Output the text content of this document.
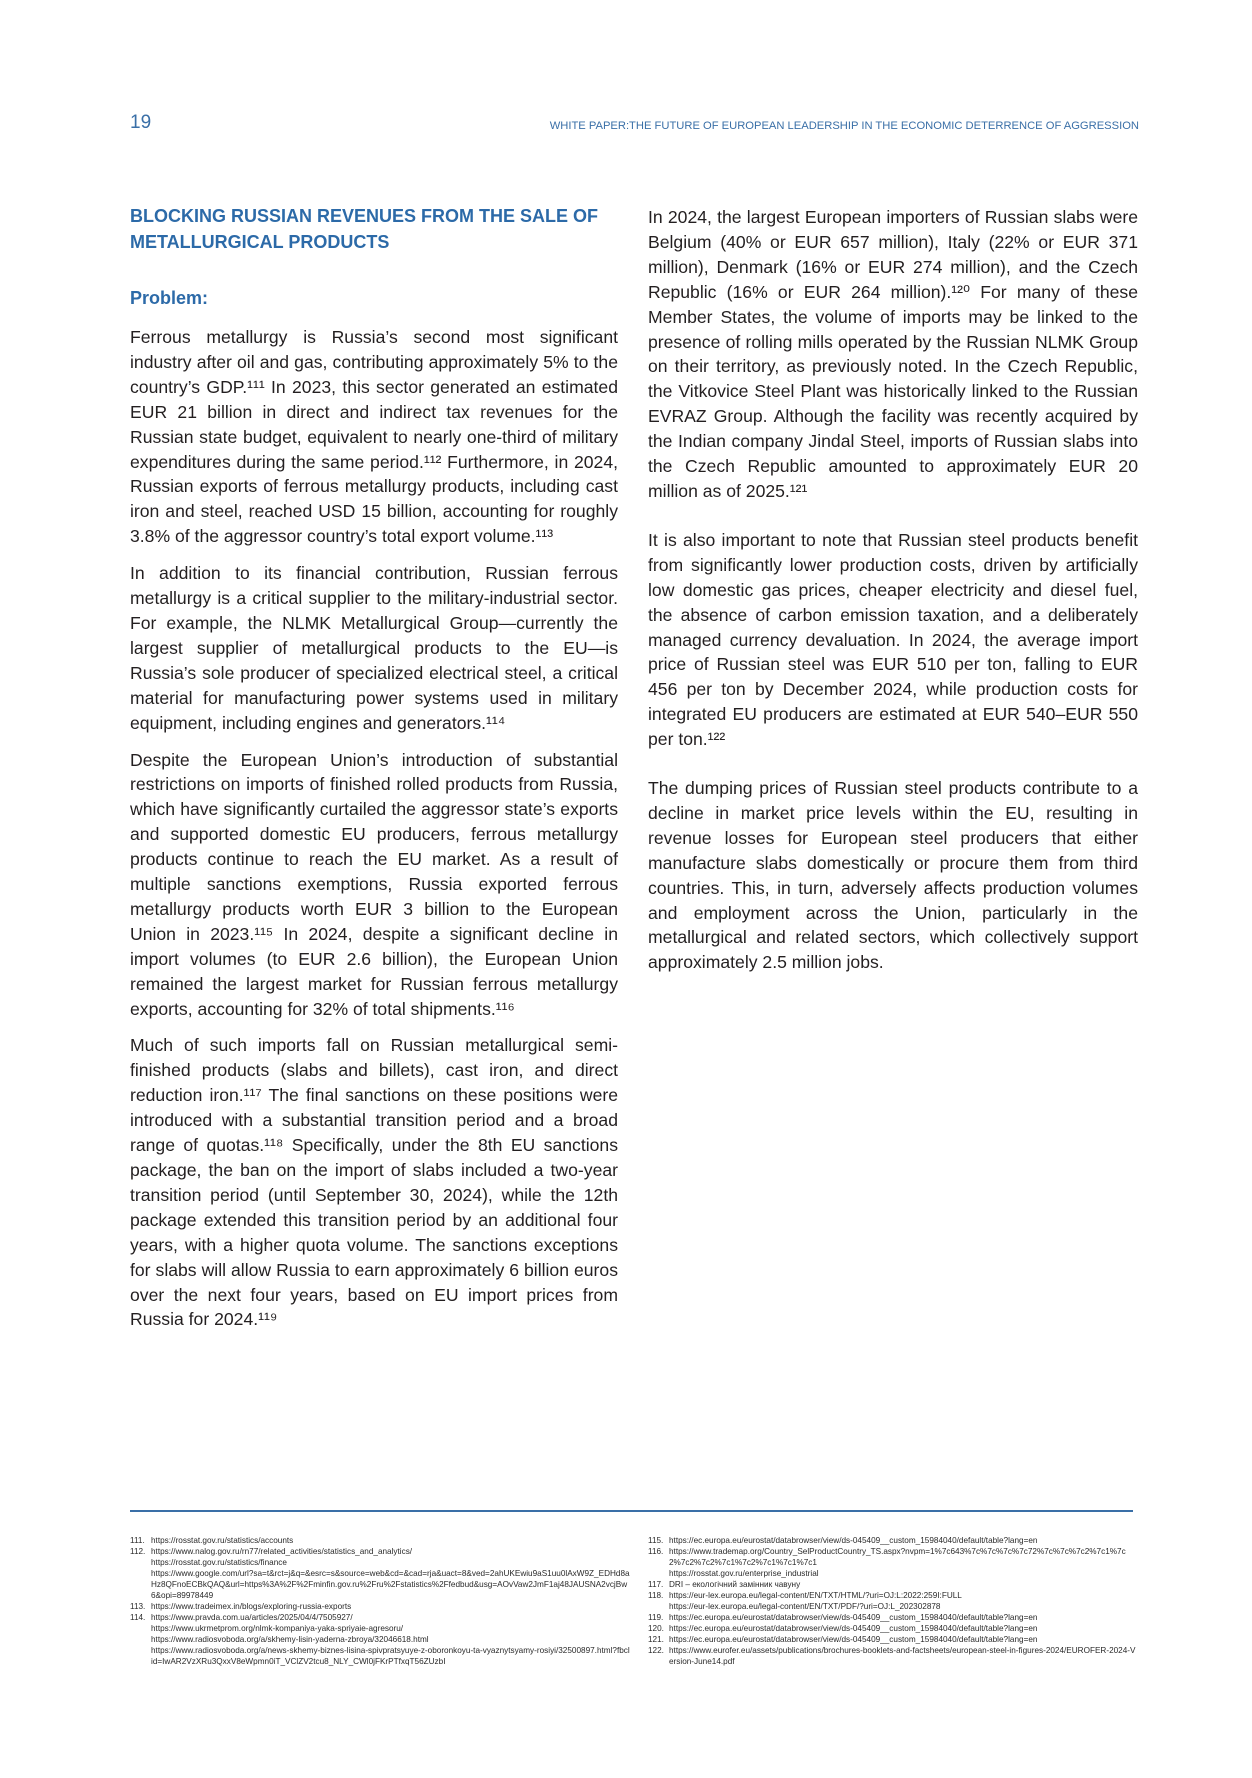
19	WHITE PAPER:THE FUTURE OF EUROPEAN LEADERSHIP IN THE ECONOMIC DETERRENCE OF AGGRESSION
BLOCKING RUSSIAN REVENUES FROM THE SALE OF METALLURGICAL PRODUCTS
Problem:

Ferrous metallurgy is Russia’s second most significant industry after oil and gas, contributing approximately 5% to the country’s GDP.¹¹¹ In 2023, this sector generated an estimated EUR 21 billion in direct and indirect tax revenues for the Russian state budget, equivalent to nearly one-third of military expenditures during the same period.¹¹² Furthermore, in 2024, Russian exports of ferrous metallurgy products, including cast iron and steel, reached USD 15 billion, accounting for roughly 3.8% of the aggressor country’s total export volume.¹¹³

In addition to its financial contribution, Russian ferrous metallurgy is a critical supplier to the military-industrial sector. For example, the NLMK Metallurgical Group—currently the largest supplier of metallurgical products to the EU—is Russia’s sole producer of specialized electrical steel, a critical material for manufacturing power systems used in military equipment, including engines and generators.¹¹⁴

Despite the European Union’s introduction of substantial restrictions on imports of finished rolled products from Russia, which have significantly curtailed the aggressor state’s exports and supported domestic EU producers, ferrous metallurgy products continue to reach the EU market. As a result of multiple sanctions exemptions, Russia exported ferrous metallurgy products worth EUR 3 billion to the European Union in 2023.¹¹⁵ In 2024, despite a significant decline in import volumes (to EUR 2.6 billion), the European Union remained the largest market for Russian ferrous metallurgy exports, accounting for 32% of total shipments.¹¹⁶

Much of such imports fall on Russian metallurgical semi-finished products (slabs and billets), cast iron, and direct reduction iron.¹¹⁷ The final sanctions on these positions were introduced with a substantial transition period and a broad range of quotas.¹¹⁸ Specifically, under the 8th EU sanctions package, the ban on the import of slabs included a two-year transition period (until September 30, 2024), while the 12th package extended this transition period by an additional four years, with a higher quota volume. The sanctions exceptions for slabs will allow Russia to earn approximately 6 billion euros over the next four years, based on EU import prices from Russia for 2024.¹¹⁹

In 2024, the largest European importers of Russian slabs were Belgium (40% or EUR 657 million), Italy (22% or EUR 371 million), Denmark (16% or EUR 274 million), and the Czech Republic (16% or EUR 264 million).¹²⁰ For many of these Member States, the volume of imports may be linked to the presence of rolling mills operated by the Russian NLMK Group on their territory, as previously noted. In the Czech Republic, the Vitkovice Steel Plant was historically linked to the Russian EVRAZ Group. Although the facility was recently acquired by the Indian company Jindal Steel, imports of Russian slabs into the Czech Republic amounted to approximately EUR 20 million as of 2025.¹²¹

It is also important to note that Russian steel products benefit from significantly lower production costs, driven by artificially low domestic gas prices, cheaper electricity and diesel fuel, the absence of carbon emission taxation, and a deliberately managed currency devaluation. In 2024, the average import price of Russian steel was EUR 510 per ton, falling to EUR 456 per ton by December 2024, while production costs for integrated EU producers are estimated at EUR 540–EUR 550 per ton.¹²²

The dumping prices of Russian steel products contribute to a decline in market price levels within the EU, resulting in revenue losses for European steel producers that either manufacture slabs domestically or procure them from third countries. This, in turn, adversely affects production volumes and employment across the Union, particularly in the metallurgical and related sectors, which collectively support approximately 2.5 million jobs.

111. https://rosstat.gov.ru/statistics/accounts
112. https://www.nalog.gov.ru/rn77/related_activities/statistics_and_analytics/
https://rosstat.gov.ru/statistics/finance
https://www.google.com/url?sa=t&rct=j&q=&esrc=s&source=web&cd=&cad=rja&uact=8&ved=2ahUKEwiu9aS1uu0lAxW9Z_EDHd8aHz8QFnoECBkQAQ&url=https%3A%2F%2Fminfin.gov.ru%2Fru%2Fstatistics%2Ffedbud&usg=AOvVaw2JmF1aj48JAUSNA2vcjBw6&opi=89978449
113. https://www.tradeimex.in/blogs/exploring-russia-exports
114. https://www.pravda.com.ua/articles/2025/04/4/7505927/
https://www.ukrmetprom.org/nlmk-kompaniya-yaka-spriyaie-agresoru/
https://www.radiosvoboda.org/a/skhemy-lisin-yaderna-zbroya/32046618.html
https://www.radiosvoboda.org/a/news-skhemy-biznes-lisina-spivpratsyuye-z-oboronkoyu-ta-vyaznytsyamy-rosiyi/32500897.html?fbclid=IwAR2VzXRu3QxxV8eWpmn0iT_VClZV2tcu8_NLY_CWl0jFKrPTfxqT56ZUzbI
115. https://ec.europa.eu/eurostat/databrowser/view/ds-045409__custom_15984040/default/table?lang=en
116. https://www.trademap.org/Country_SelProductCountry_TS.aspx?nvpm=1%7c643%7c%7c%7c%7c72%7c%7c%7c2%7c1%7c2%7c2%7c2%7c1%7c2%7c1%7c1%7c1
https://rosstat.gov.ru/enterprise_industrial
117. DRI – екологічний замінник чавуну
118. https://eur-lex.europa.eu/legal-content/EN/TXT/HTML/?uri=OJ:L:2022:259I:FULL
https://eur-lex.europa.eu/legal-content/EN/TXT/PDF/?uri=OJ:L_202302878
119. https://ec.europa.eu/eurostat/databrowser/view/ds-045409__custom_15984040/default/table?lang=en
120. https://ec.europa.eu/eurostat/databrowser/view/ds-045409__custom_15984040/default/table?lang=en
121. https://ec.europa.eu/eurostat/databrowser/view/ds-045409__custom_15984040/default/table?lang=en
122. https://www.eurofer.eu/assets/publications/brochures-booklets-and-factsheets/european-steel-in-figures-2024/EUROFER-2024-Version-June14.pdf
